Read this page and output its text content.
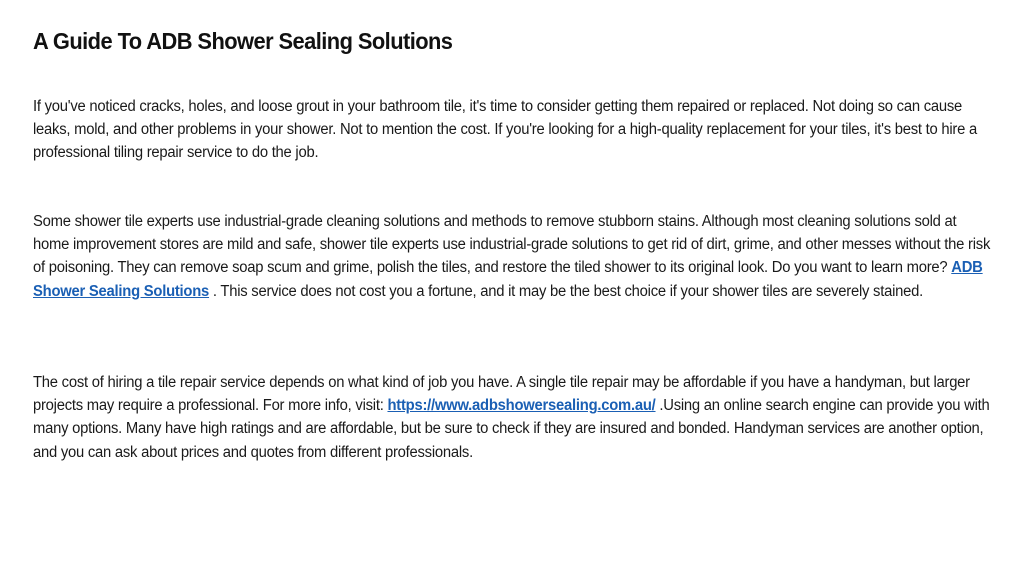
A Guide To ADB Shower Sealing Solutions

If you've noticed cracks, holes, and loose grout in your bathroom tile, it's time to consider getting them repaired or replaced. Not doing so can cause leaks, mold, and other problems in your shower. Not to mention the cost. If you're looking for a high-quality replacement for your tiles, it's best to hire a professional tiling repair service to do the job.

Some shower tile experts use industrial-grade cleaning solutions and methods to remove stubborn stains. Although most cleaning solutions sold at home improvement stores are mild and safe, shower tile experts use industrial-grade solutions to get rid of dirt, grime, and other messes without the risk of poisoning. They can remove soap scum and grime, polish the tiles, and restore the tiled shower to its original look. Do you want to learn more? ADB Shower Sealing Solutions . This service does not cost you a fortune, and it may be the best choice if your shower tiles are severely stained.

The cost of hiring a tile repair service depends on what kind of job you have. A single tile repair may be affordable if you have a handyman, but larger projects may require a professional. For more info, visit: https://www.adbshowersealing.com.au/ .Using an online search engine can provide you with many options. Many have high ratings and are affordable, but be sure to check if they are insured and bonded. Handyman services are another option, and you can ask about prices and quotes from different professionals.
